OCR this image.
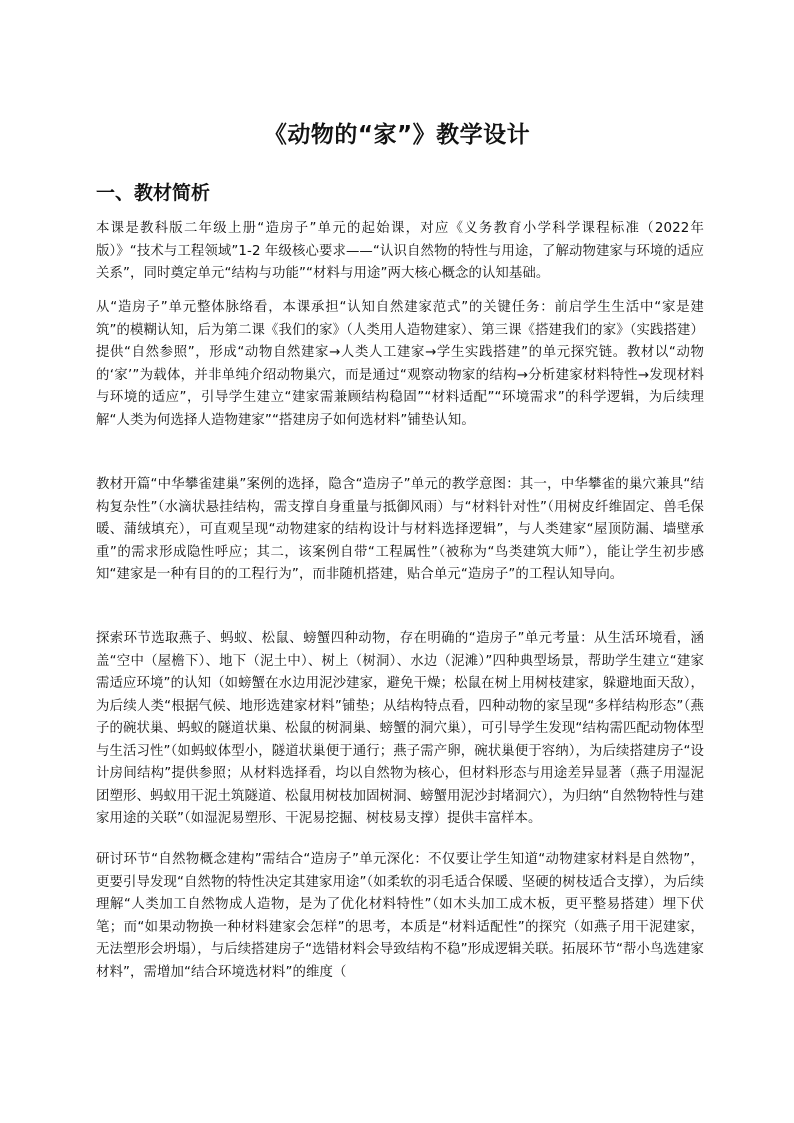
《动物的“家”》教学设计
一、教材简析

本课是教科版二年级上册“造房子”单元的起始课，对应《义务教育小学科学课程标准（2022年版）》“技术与工程领域”1-2 年级核心要求——“认识自然物的特性与用途，了解动物建家与环境的适应关系”，同时奠定单元“结构与功能”“材料与用途”两大核心概念的认知基础。

从“造房子”单元整体脉络看，本课承担“认知自然建家范式”的关键任务：前启学生生活中“家是建筑”的模糊认知，后为第二课《我们的家》（人类用人造物建家）、第三课《搭建我们的家》（实践搭建）提供“自然参照”，形成“动物自然建家→人类人工建家→学生实践搭建”的单元探究链。教材以“动物的‘家’”为载体，并非单纯介绍动物巢穴，而是通过“观察动物家的结构→分析建家材料特性→发现材料与环境的适应”，引导学生建立“建家需兼顾结构稳固”“材料适配”“环境需求”的科学逻辑，为后续理解“人类为何选择人造物建家”“搭建房子如何选材料”铺垫认知。

教材开篇“中华攀雀建巢”案例的选择，隐含“造房子”单元的教学意图：其一，中华攀雀的巢穴兼具“结构复杂性”（水滴状悬挂结构，需支撑自身重量与抵御风雨）与“材料针对性”（用树皮纤维固定、兽毛保暖、蒲绒填充），可直观呈现“动物建家的结构设计与材料选择逻辑”，与人类建家“屋顶防漏、墙壁承重”的需求形成隐性呼应；其二，该案例自带“工程属性”（被称为“鸟类建筑大师”），能让学生初步感知“建家是一种有目的的工程行为”，而非随机搭建，贴合单元“造房子”的工程认知导向。

探索环节选取燕子、蚂蚁、松鼠、螃蟹四种动物，存在明确的“造房子”单元考量：从生活环境看，涵盖“空中（屋檐下）、地下（泥土中）、树上（树洞）、水边（泥滩）”四种典型场景，帮助学生建立“建家需适应环境”的认知（如螃蟹在水边用泥沙建家，避免干燥；松鼠在树上用树枝建家，躲避地面天敌），为后续人类“根据气候、地形选建家材料”铺垫；从结构特点看，四种动物的家呈现“多样结构形态”（燕子的碗状巢、蚂蚁的隧道状巢、松鼠的树洞巢、螃蟹的洞穴巢），可引导学生发现“结构需匹配动物体型与生活习性”（如蚂蚁体型小，隧道状巢便于通行；燕子需产卵，碗状巢便于容纳），为后续搭建房子“设计房间结构”提供参照；从材料选择看，均以自然物为核心，但材料形态与用途差异显著（燕子用湿泥团塑形、蚂蚁用干泥土筑隧道、松鼠用树枝加固树洞、螃蟹用泥沙封堵洞穴），为归纳“自然物特性与建家用途的关联”（如湿泥易塑形、干泥易挖掘、树枝易支撑）提供丰富样本。

研讨环节“自然物概念建构”需结合“造房子”单元深化：不仅要让学生知道“动物建家材料是自然物”，更要引导发现“自然物的特性决定其建家用途”（如柔软的羽毛适合保暖、坚硬的树枝适合支撑），为后续理解“人类加工自然物成人造物，是为了优化材料特性”（如木头加工成木板，更平整易搭建）埋下伏笔；而“如果动物换一种材料建家会怎样”的思考，本质是“材料适配性”的探究（如燕子用干泥建家，无法塑形会坍塌），与后续搭建房子“选错材料会导致结构不稳”形成逻辑关联。拓展环节“帮小鸟选建家材料”，需增加“结合环境选材料”的维度（
